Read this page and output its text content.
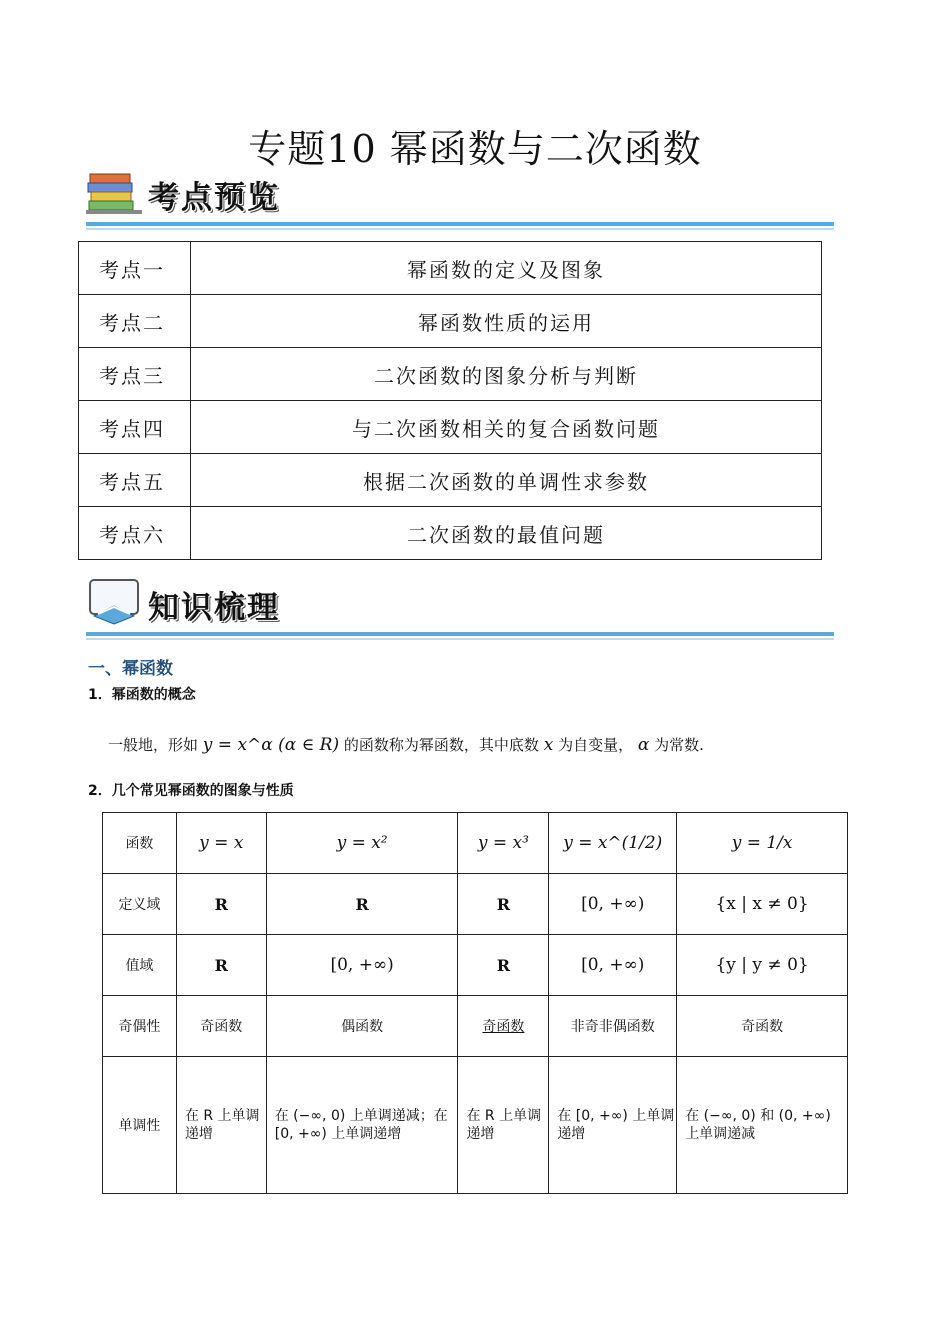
专题10 幂函数与二次函数
考点预览
考点一	幂函数的定义及图象
考点二	幂函数性质的运用
考点三	二次函数的图象分析与判断
考点四	与二次函数相关的复合函数问题
考点五	根据二次函数的单调性求参数
考点六	二次函数的最值问题
知识梳理
一、幂函数
1．幂函数的概念
一般地，形如 y = x^α (α ∈ R) 的函数称为幂函数，其中底数 x 为自变量， α 为常数.
2．几个常见幂函数的图象与性质
函数	y = x	y = x²	y = x³	y = x^(1/2)	y = 1/x
定义域	R	R	R	[0, +∞)	{x | x ≠ 0}
值域	R	[0, +∞)	R	[0, +∞)	{y | y ≠ 0}
奇偶性	奇函数	偶函数	奇函数	非奇非偶函数	奇函数
单调性	在 R 上单调递增	在 (−∞, 0) 上单调递减；在 [0, +∞) 上单调递增	在 R 上单调递增	在 [0, +∞) 上单调递增	在 (−∞, 0) 和 (0, +∞) 上单调递减
